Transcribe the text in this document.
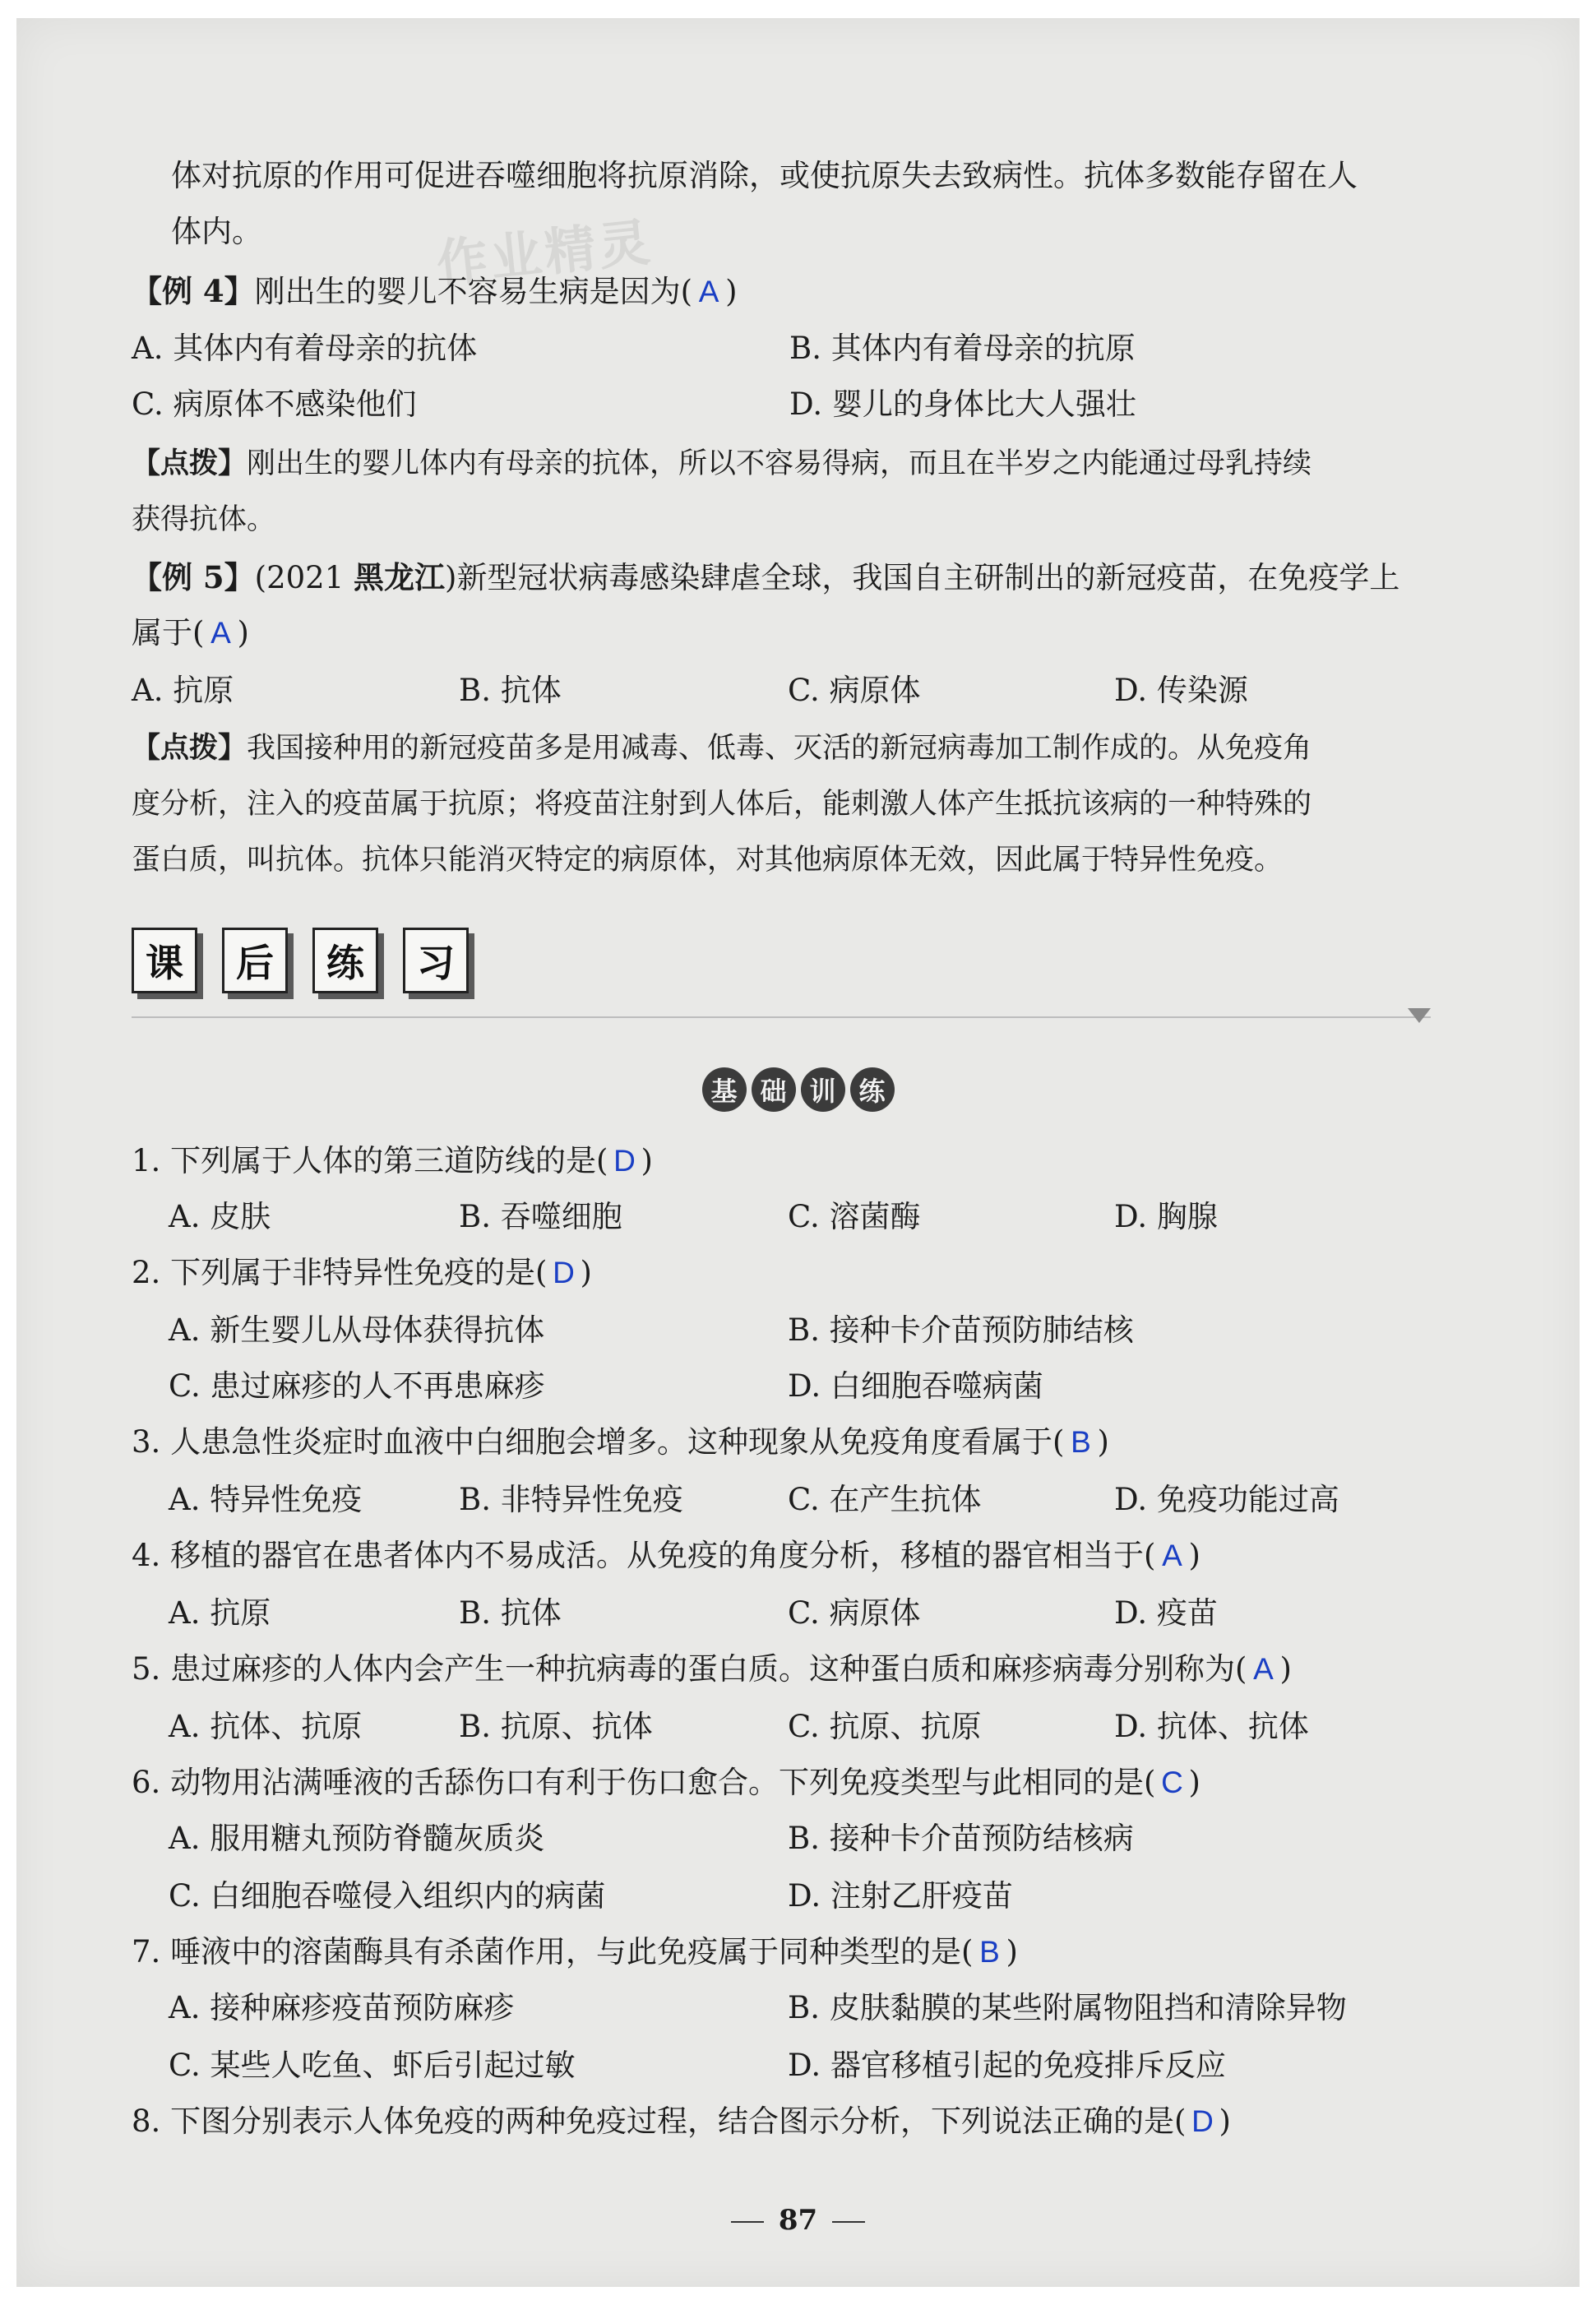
作业精灵
体对抗原的作用可促进吞噬细胞将抗原消除，或使抗原失去致病性。抗体多数能存留在人
体内。
【例 4】刚出生的婴儿不容易生病是因为( A )
A. 其体内有着母亲的抗体	B. 其体内有着母亲的抗原
C. 病原体不感染他们	D. 婴儿的身体比大人强壮
【点拨】刚出生的婴儿体内有母亲的抗体，所以不容易得病，而且在半岁之内能通过母乳持续
获得抗体。
【例 5】(2021 黑龙江)新型冠状病毒感染肆虐全球，我国自主研制出的新冠疫苗，在免疫学上
属于( A )
A. 抗原	B. 抗体	C. 病原体	D. 传染源
【点拨】我国接种用的新冠疫苗多是用减毒、低毒、灭活的新冠病毒加工制作成的。从免疫角
度分析，注入的疫苗属于抗原；将疫苗注射到人体后，能刺激人体产生抵抗该病的一种特殊的
蛋白质，叫抗体。抗体只能消灭特定的病原体，对其他病原体无效，因此属于特异性免疫。
课	后	练	习
基 础 训 练
1. 下列属于人体的第三道防线的是( D )
A. 皮肤	B. 吞噬细胞	C. 溶菌酶	D. 胸腺
2. 下列属于非特异性免疫的是( D )
A. 新生婴儿从母体获得抗体	B. 接种卡介苗预防肺结核
C. 患过麻疹的人不再患麻疹	D. 白细胞吞噬病菌
3. 人患急性炎症时血液中白细胞会增多。这种现象从免疫角度看属于( B )
A. 特异性免疫	B. 非特异性免疫	C. 在产生抗体	D. 免疫功能过高
4. 移植的器官在患者体内不易成活。从免疫的角度分析，移植的器官相当于( A )
A. 抗原	B. 抗体	C. 病原体	D. 疫苗
5. 患过麻疹的人体内会产生一种抗病毒的蛋白质。这种蛋白质和麻疹病毒分别称为( A )
A. 抗体、抗原	B. 抗原、抗体	C. 抗原、抗原	D. 抗体、抗体
6. 动物用沾满唾液的舌舔伤口有利于伤口愈合。下列免疫类型与此相同的是( C )
A. 服用糖丸预防脊髓灰质炎	B. 接种卡介苗预防结核病
C. 白细胞吞噬侵入组织内的病菌	D. 注射乙肝疫苗
7. 唾液中的溶菌酶具有杀菌作用，与此免疫属于同种类型的是( B )
A. 接种麻疹疫苗预防麻疹	B. 皮肤黏膜的某些附属物阻挡和清除异物
C. 某些人吃鱼、虾后引起过敏	D. 器官移植引起的免疫排斥反应
8. 下图分别表示人体免疫的两种免疫过程，结合图示分析，下列说法正确的是( D )
87
